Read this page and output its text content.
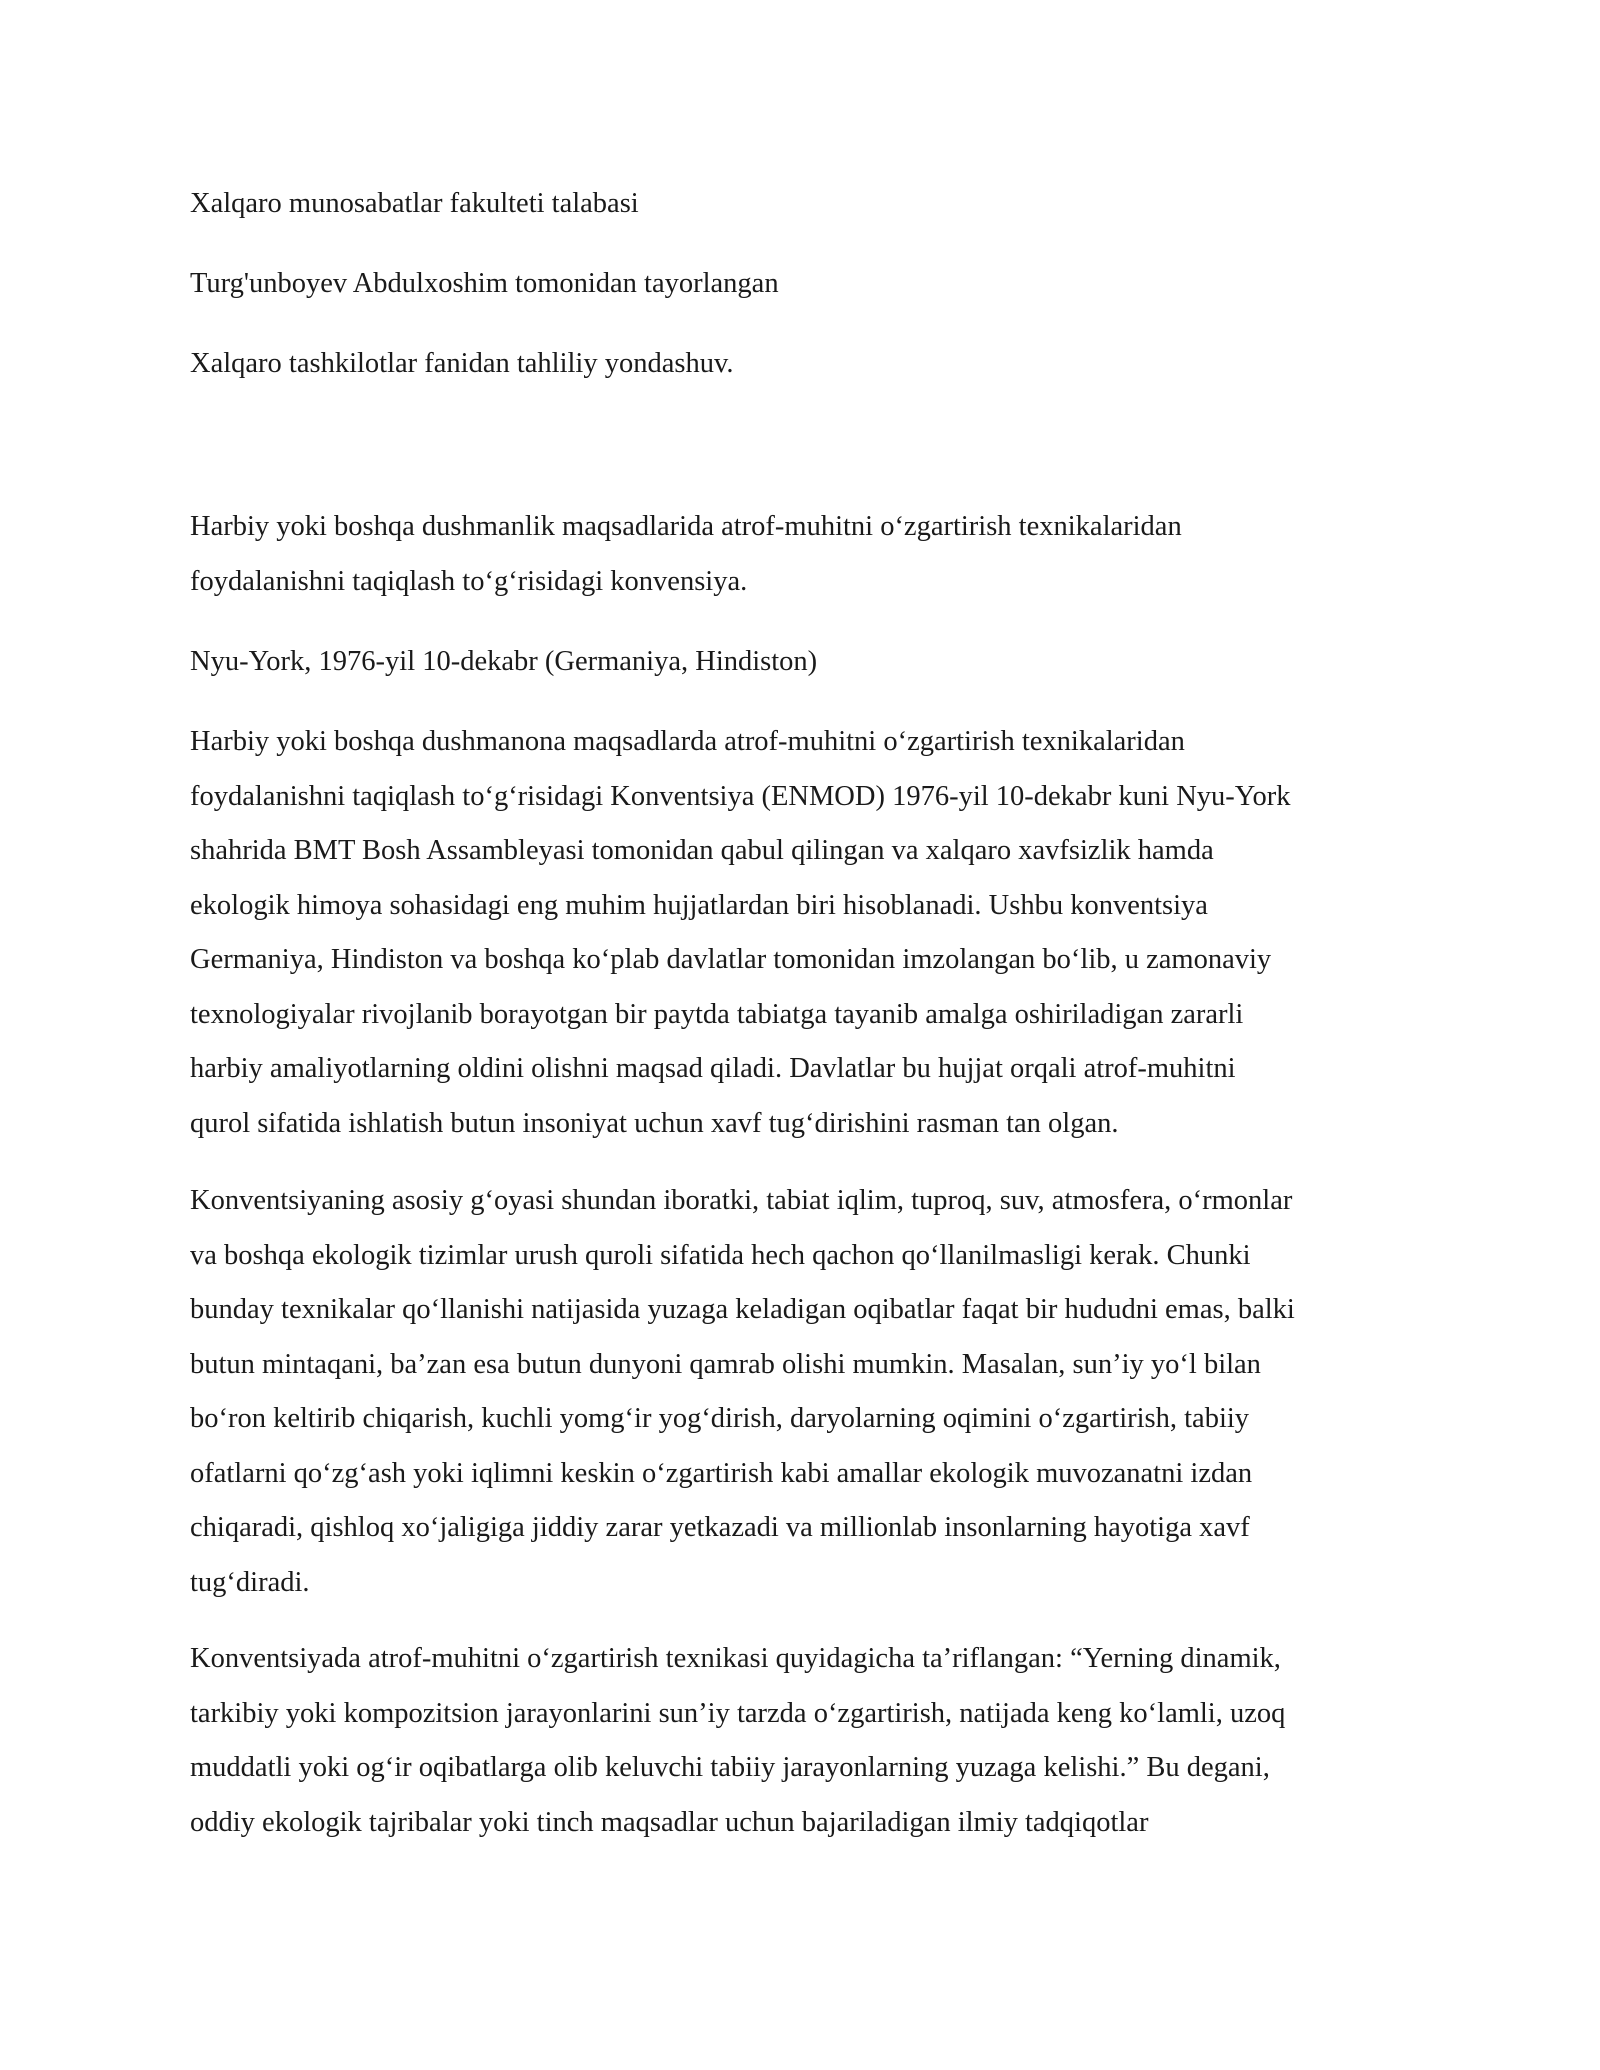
Xalqaro munosabatlar fakulteti talabasi

Turg'unboyev Abdulxoshim tomonidan tayorlangan

Xalqaro tashkilotlar fanidan tahliliy yondashuv.

Harbiy yoki boshqa dushmanlik maqsadlarida atrof-muhitni o‘zgartirish texnikalaridan
foydalanishni taqiqlash to‘g‘risidagi konvensiya.

Nyu-York, 1976-yil 10-dekabr (Germaniya, Hindiston)

Harbiy yoki boshqa dushmanona maqsadlarda atrof-muhitni o‘zgartirish texnikalaridan
foydalanishni taqiqlash to‘g‘risidagi Konventsiya (ENMOD) 1976-yil 10-dekabr kuni Nyu-York
shahrida BMT Bosh Assambleyasi tomonidan qabul qilingan va xalqaro xavfsizlik hamda
ekologik himoya sohasidagi eng muhim hujjatlardan biri hisoblanadi. Ushbu konventsiya
Germaniya, Hindiston va boshqa ko‘plab davlatlar tomonidan imzolangan bo‘lib, u zamonaviy
texnologiyalar rivojlanib borayotgan bir paytda tabiatga tayanib amalga oshiriladigan zararli
harbiy amaliyotlarning oldini olishni maqsad qiladi. Davlatlar bu hujjat orqali atrof-muhitni
qurol sifatida ishlatish butun insoniyat uchun xavf tug‘dirishini rasman tan olgan.
Konventsiyaning asosiy g‘oyasi shundan iboratki, tabiat iqlim, tuproq, suv, atmosfera, o‘rmonlar
va boshqa ekologik tizimlar urush quroli sifatida hech qachon qo‘llanilmasligi kerak. Chunki
bunday texnikalar qo‘llanishi natijasida yuzaga keladigan oqibatlar faqat bir hududni emas, balki
butun mintaqani, ba’zan esa butun dunyoni qamrab olishi mumkin. Masalan, sun’iy yo‘l bilan
bo‘ron keltirib chiqarish, kuchli yomg‘ir yog‘dirish, daryolarning oqimini o‘zgartirish, tabiiy
ofatlarni qo‘zg‘ash yoki iqlimni keskin o‘zgartirish kabi amallar ekologik muvozanatni izdan
chiqaradi, qishloq xo‘jaligiga jiddiy zarar yetkazadi va millionlab insonlarning hayotiga xavf
tug‘diradi.
Konventsiyada atrof-muhitni o‘zgartirish texnikasi quyidagicha ta’riflangan: “Yerning dinamik,
tarkibiy yoki kompozitsion jarayonlarini sun’iy tarzda o‘zgartirish, natijada keng ko‘lamli, uzoq
muddatli yoki og‘ir oqibatlarga olib keluvchi tabiiy jarayonlarning yuzaga kelishi.” Bu degani,
oddiy ekologik tajribalar yoki tinch maqsadlar uchun bajariladigan ilmiy tadqiqotlar
